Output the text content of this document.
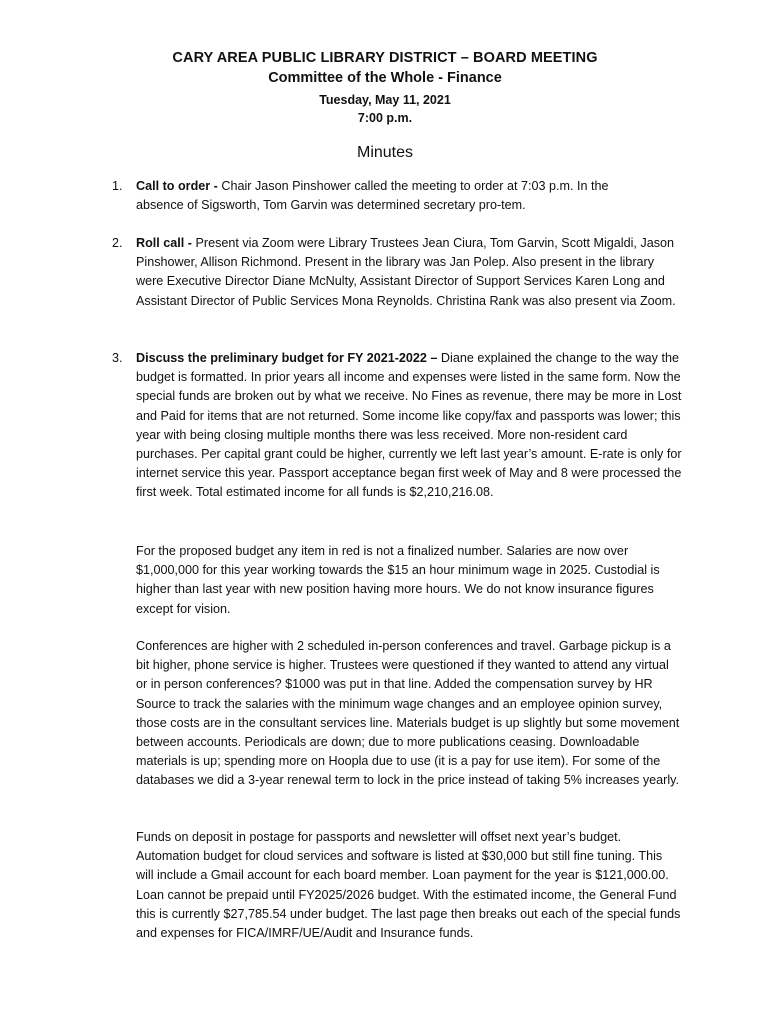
CARY AREA PUBLIC LIBRARY DISTRICT – BOARD MEETING
Committee of the Whole - Finance
Tuesday, May 11, 2021
7:00 p.m.
Minutes
1.	Call to order - Chair Jason Pinshower called the meeting to order at 7:03 p.m. In the absence of Sigsworth, Tom Garvin was determined secretary pro-tem.
2.	Roll call - Present via Zoom were Library Trustees Jean Ciura, Tom Garvin, Scott Migaldi, Jason Pinshower, Allison Richmond. Present in the library was Jan Polep. Also present in the library were Executive Director Diane McNulty, Assistant Director of Support Services Karen Long and Assistant Director of Public Services Mona Reynolds. Christina Rank was also present via Zoom.
3.	Discuss the preliminary budget for FY 2021-2022 – Diane explained the change to the way the budget is formatted. In prior years all income and expenses were listed in the same form. Now the special funds are broken out by what we receive. No Fines as revenue, there may be more in Lost and Paid for items that are not returned. Some income like copy/fax and passports was lower; this year with being closing multiple months there was less received. More non-resident card purchases. Per capital grant could be higher, currently we left last year’s amount. E-rate is only for internet service this year. Passport acceptance began first week of May and 8 were processed the first week. Total estimated income for all funds is $2,210,216.08.
For the proposed budget any item in red is not a finalized number. Salaries are now over $1,000,000 for this year working towards the $15 an hour minimum wage in 2025. Custodial is higher than last year with new position having more hours. We do not know insurance figures except for vision.
Conferences are higher with 2 scheduled in-person conferences and travel. Garbage pickup is a bit higher, phone service is higher. Trustees were questioned if they wanted to attend any virtual or in person conferences? $1000 was put in that line. Added the compensation survey by HR Source to track the salaries with the minimum wage changes and an employee opinion survey, those costs are in the consultant services line. Materials budget is up slightly but some movement between accounts. Periodicals are down; due to more publications ceasing. Downloadable materials is up; spending more on Hoopla due to use (it is a pay for use item). For some of the databases we did a 3-year renewal term to lock in the price instead of taking 5% increases yearly.
Funds on deposit in postage for passports and newsletter will offset next year’s budget. Automation budget for cloud services and software is listed at $30,000 but still fine tuning. This will include a Gmail account for each board member. Loan payment for the year is $121,000.00. Loan cannot be prepaid until FY2025/2026 budget. With the estimated income, the General Fund this is currently $27,785.54 under budget. The last page then breaks out each of the special funds and expenses for FICA/IMRF/UE/Audit and Insurance funds.
